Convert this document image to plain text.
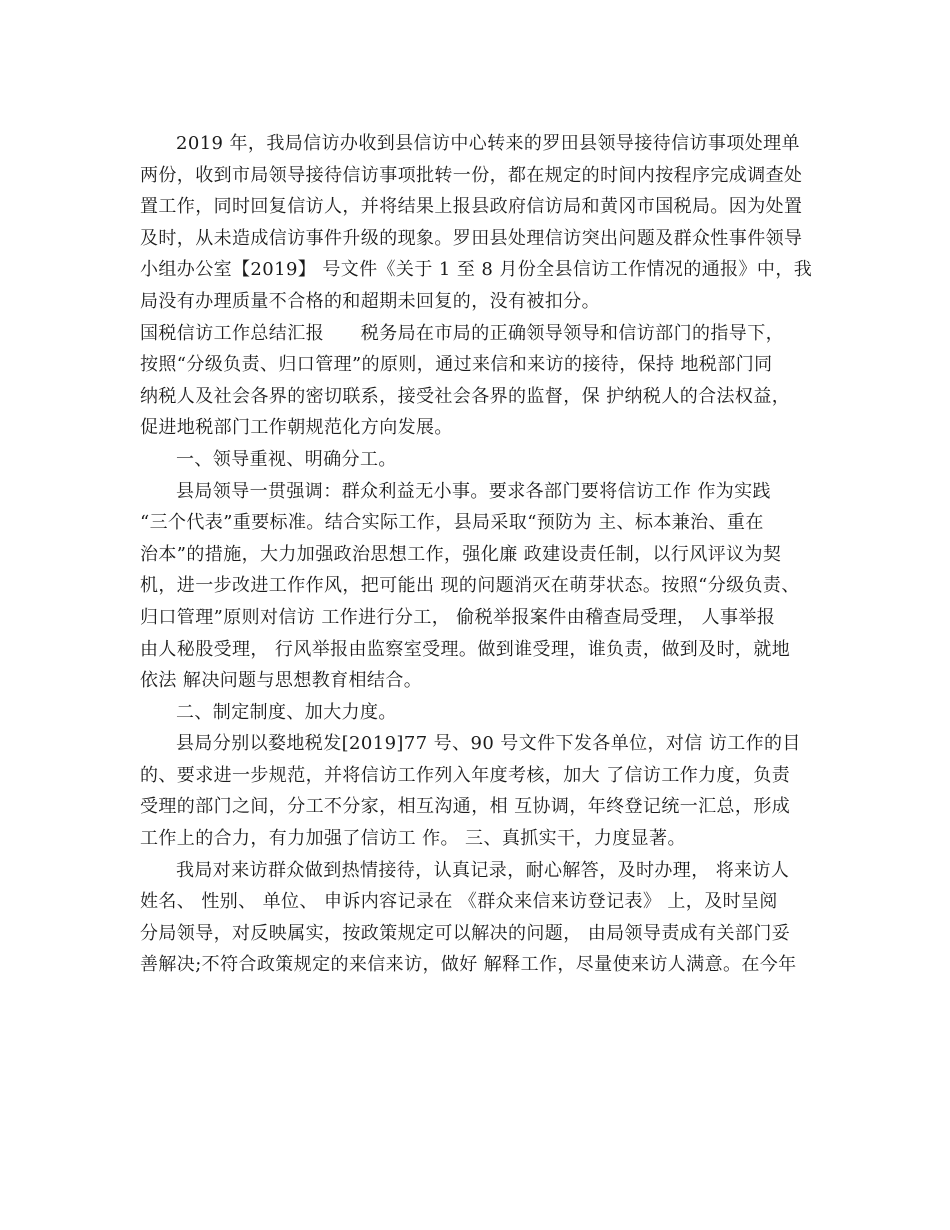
2019 年，我局信访办收到县信访中心转来的罗田县领导接待信访事项处理单
两份，收到市局领导接待信访事项批转一份，都在规定的时间内按程序完成调查处
置工作，同时回复信访人，并将结果上报县政府信访局和黄冈市国税局。因为处置
及时，从未造成信访事件升级的现象。罗田县处理信访突出问题及群众性事件领导
小组办公室【2019】 号文件《关于 1 至 8 月份全县信访工作情况的通报》中，我
局没有办理质量不合格的和超期未回复的，没有被扣分。
国税信访工作总结汇报　　税务局在市局的正确领导领导和信访部门的指导下，
按照“分级负责、归口管理”的原则，通过来信和来访的接待，保持 地税部门同
纳税人及社会各界的密切联系，接受社会各界的监督，保 护纳税人的合法权益，
促进地税部门工作朝规范化方向发展。
一、领导重视、明确分工。
县局领导一贯强调：群众利益无小事。要求各部门要将信访工作 作为实践
“三个代表”重要标准。结合实际工作，县局采取“预防为 主、标本兼治、重在
治本”的措施，大力加强政治思想工作，强化廉 政建设责任制，以行风评议为契
机，进一步改进工作作风，把可能出 现的问题消灭在萌芽状态。按照“分级负责、
归口管理”原则对信访 工作进行分工， 偷税举报案件由稽查局受理， 人事举报
由人秘股受理， 行风举报由监察室受理。做到谁受理，谁负责，做到及时，就地
依法 解决问题与思想教育相结合。
二、制定制度、加大力度。
县局分别以婺地税发[2019]77 号、90 号文件下发各单位，对信 访工作的目
的、要求进一步规范，并将信访工作列入年度考核，加大 了信访工作力度，负责
受理的部门之间，分工不分家，相互沟通，相 互协调，年终登记统一汇总，形成
工作上的合力，有力加强了信访工 作。 三、真抓实干，力度显著。
我局对来访群众做到热情接待，认真记录，耐心解答，及时办理， 将来访人
姓名、 性别、 单位、 申诉内容记录在 《群众来信来访登记表》 上，及时呈阅
分局领导，对反映属实，按政策规定可以解决的问题， 由局领导责成有关部门妥
善解决;不符合政策规定的来信来访，做好 解释工作，尽量使来访人满意。在今年
